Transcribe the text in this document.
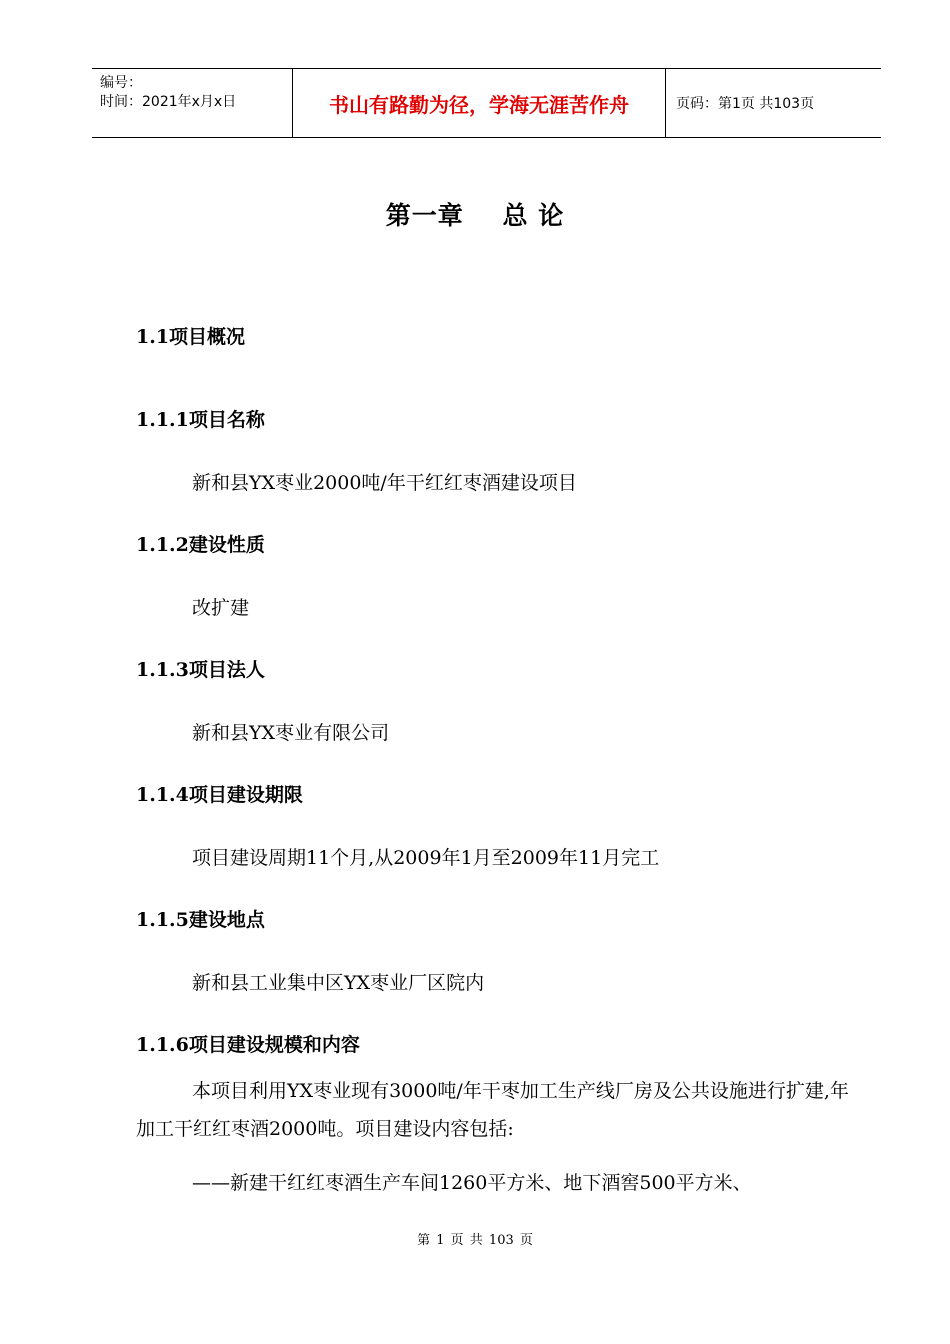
编号：
时间：2021年x月x日	书山有路勤为径，学海无涯苦作舟	页码：第1页 共103页
第一章    总 论
1.1项目概况
1.1.1项目名称
新和县YX枣业2000吨/年干红红枣酒建设项目
1.1.2建设性质
改扩建
1.1.3项目法人
新和县YX枣业有限公司
1.1.4项目建设期限
项目建设周期11个月,从2009年1月至2009年11月完工
1.1.5建设地点
新和县工业集中区YX枣业厂区院内
1.1.6项目建设规模和内容
本项目利用YX枣业现有3000吨/年干枣加工生产线厂房及公共设施进行扩建,年加工干红红枣酒2000吨。项目建设内容包括:
——新建干红红枣酒生产车间1260平方米、地下酒窖500平方米、
第 1 页 共 103 页
